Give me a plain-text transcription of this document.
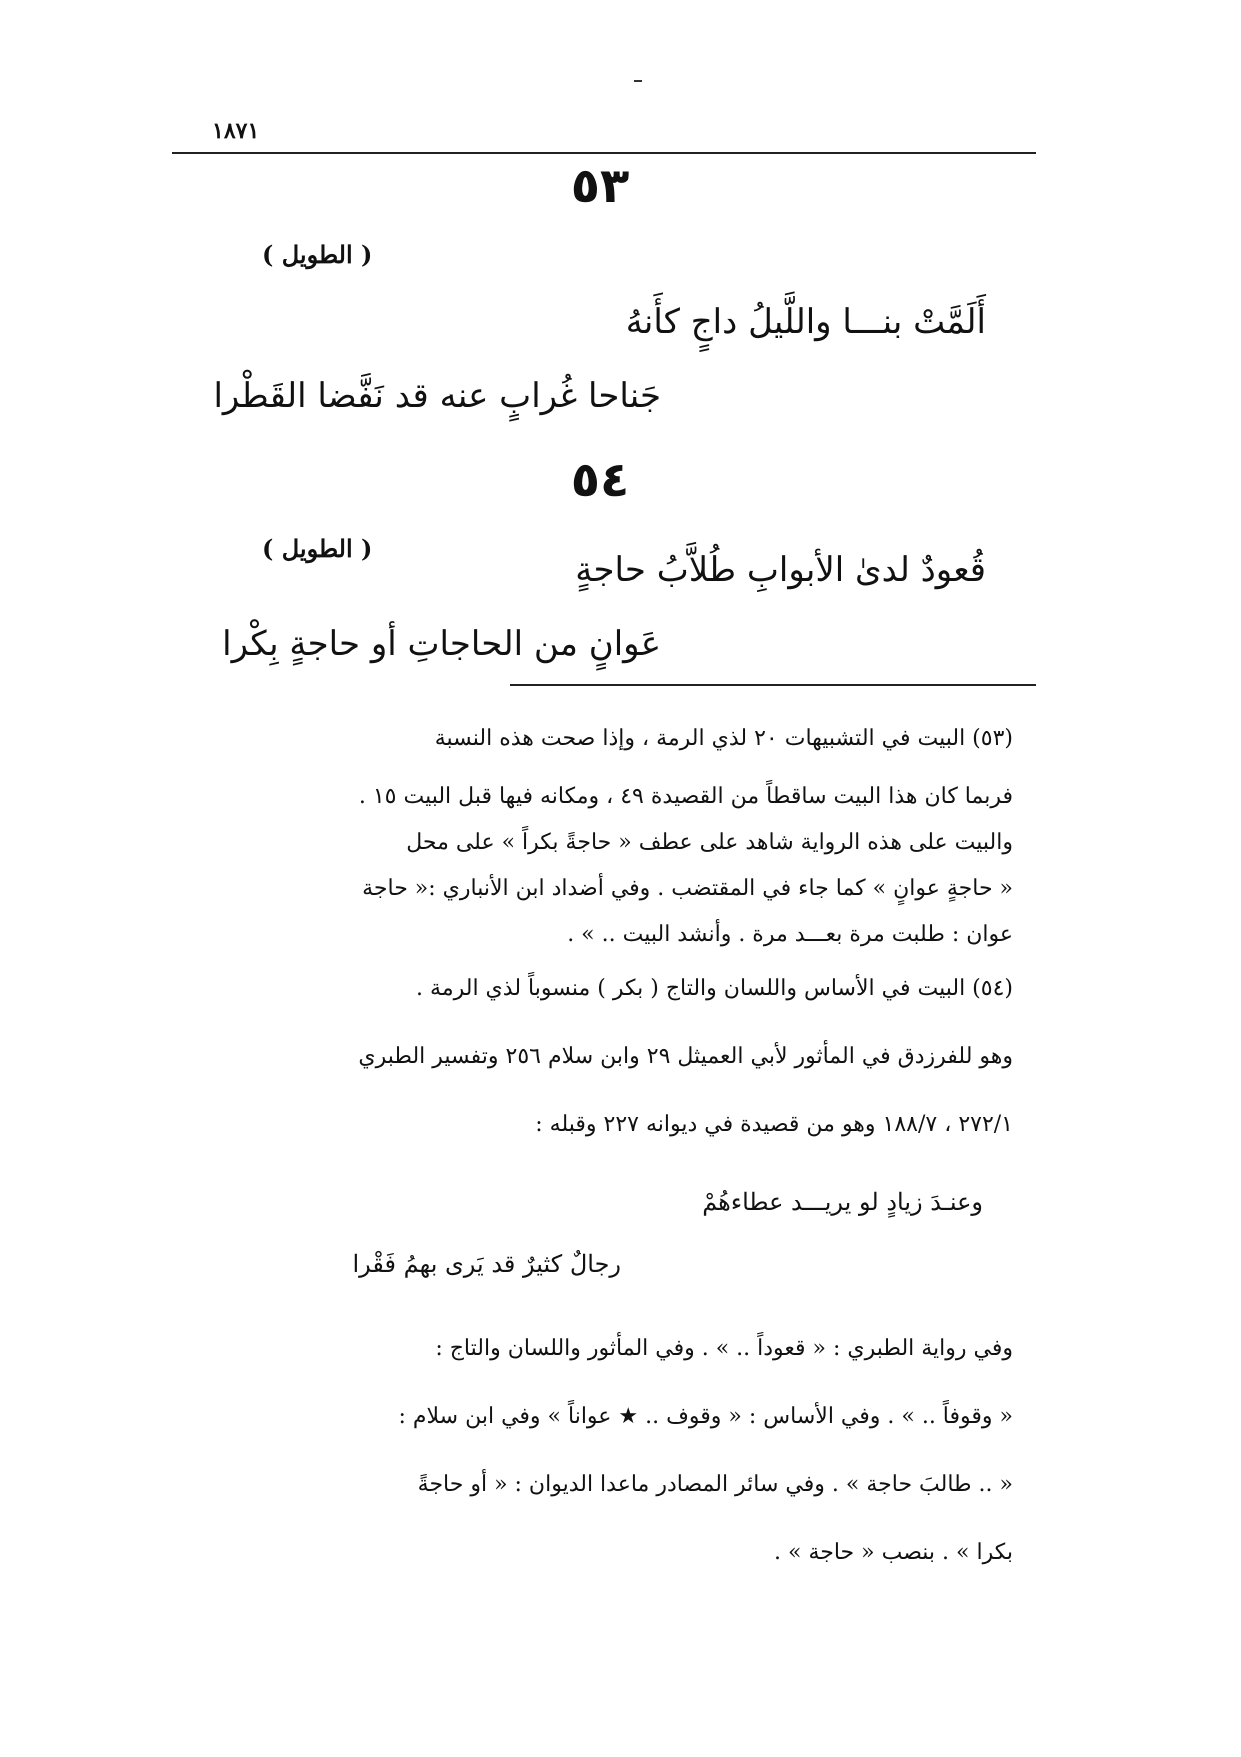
١٨٧١
٥٣
( الطويل )
أَلَمَّتْ بنـــا واللَّيلُ داجٍ كأَنهُ
جَناحا غُرابٍ عنه قد نَفَّضا القَطْرا
٥٤
( الطويل )
قُعودٌ لدىٰ الأبوابِ طُلاَّبُ حاجةٍ
عَوانٍ من الحاجاتِ أو حاجةٍ بِكْرا
(٥٣) البيت في التشبيهات ٢٠ لذي الرمة ، وإذا صحت هذه النسبة
فربما كان هذا البيت ساقطاً من القصيدة ٤٩ ، ومكانه فيها قبل البيت ١٥ .
والبيت على هذه الرواية شاهد على عطف « حاجةً بكراً » على محل
« حاجةٍ عوانٍ » كما جاء في المقتضب . وفي أضداد ابن الأنباري :« حاجة
عوان : طلبت مرة بعـــد مرة . وأنشد البيت .. » .
(٥٤) البيت في الأساس واللسان والتاج ( بكر ) منسوباً لذي الرمة .
وهو للفرزدق في المأثور لأبي العميثل ٢٩ وابن سلام ٢٥٦ وتفسير الطبري
٢٧٢/١ ، ١٨٨/٧ وهو من قصيدة في ديوانه ٢٢٧ وقبله :
وعنـدَ زيادٍ لو يريـــد عطاءهُمْ
رجالٌ كثيرٌ قد يَرى بهمُ فَقْرا
وفي رواية الطبري : « قعوداً .. » . وفي المأثور واللسان والتاج :
« وقوفاً .. » . وفي الأساس : « وقوف .. ★ عواناً » وفي ابن سلام :
« .. طالبَ حاجة » . وفي سائر المصادر ماعدا الديوان : « أو حاجةً
بكرا » . بنصب « حاجة » .
